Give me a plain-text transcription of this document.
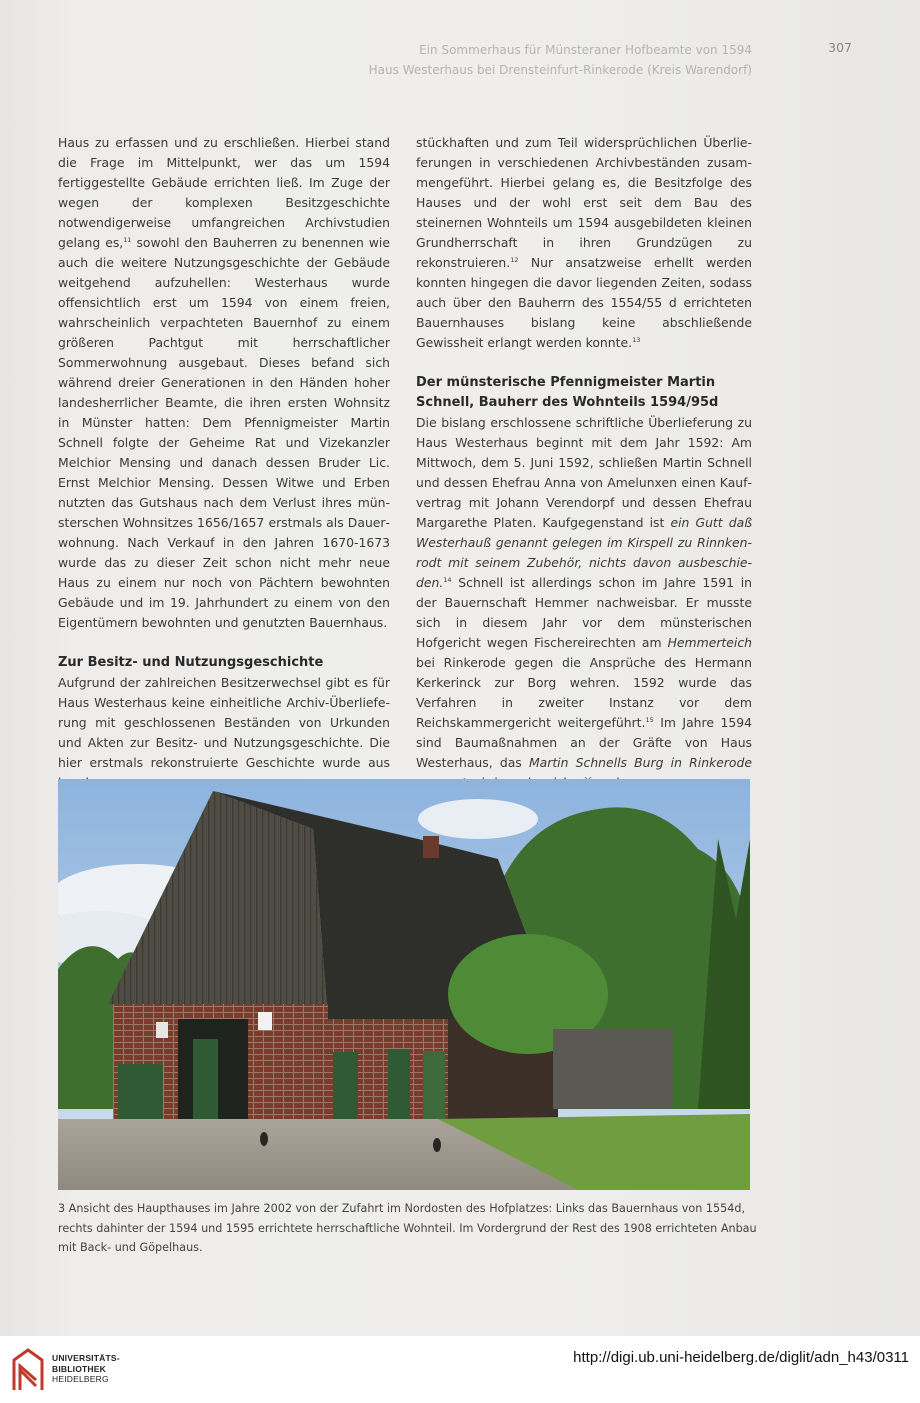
Ein Sommerhaus für Münsteraner Hofbeamte von 1594
Haus Westerhaus bei Drensteinfurt-Rinkerode (Kreis Warendorf)
307

Haus zu erfassen und zu erschließen. Hierbei stand die Frage im Mittelpunkt, wer das um 1594 fertiggestellte Gebäude errichten ließ. Im Zuge der wegen der komplexen Besitzgeschichte notwendigerweise umfangreichen Archivstudien gelang es,$^{11}$ sowohl den Bauherren zu benennen wie auch die weitere Nutzungsgeschichte der Gebäude weitgehend aufzuhellen: Westerhaus wurde offensichtlich erst um 1594 von einem freien, wahrscheinlich verpachteten Bauernhof zu einem größeren Pachtgut mit herrschaftlicher Sommerwohnung ausgebaut. Dieses befand sich während dreier Generationen in den Händen hoher landesherrlicher Beamte, die ihren ersten Wohnsitz in Münster hatten: Dem Pfennigmeister Martin Schnell folgte der Geheime Rat und Vizekanzler Melchior Mensing und danach dessen Bruder Lic. Ernst Melchior Mensing. Dessen Witwe und Erben nutzten das Gutshaus nach dem Verlust ihres münsterschen Wohnsitzes 1656/1657 erstmals als Dauerwohnung. Nach Verkauf in den Jahren 1670-1673 wurde das zu dieser Zeit schon nicht mehr neue Haus zu einem nur noch von Pächtern bewohnten Gebäude und im 19. Jahrhundert zu einem von den Eigentümern bewohnten und genutzten Bauernhaus.

Zur Besitz- und Nutzungsgeschichte

Aufgrund der zahlreichen Besitzerwechsel gibt es für Haus Westerhaus keine einheitliche Archiv-Überlieferung mit geschlossenen Beständen von Urkunden und Akten zur Besitz- und Nutzungsgeschichte. Die hier erstmals rekonstruierte Geschichte wurde aus

stückhaften und zum Teil widersprüchlichen Überlieferungen in verschiedenen Archivbeständen zusammengeführt. Hierbei gelang es, die Besitzfolge des Hauses und der wohl erst seit dem Bau des steinernen Wohnteils um 1594 ausgebildeten kleinen Grundherrschaft in ihren Grundzügen zu rekonstruieren.$^{12}$ Nur ansatzweise erhellt werden konnten hingegen die davor liegenden Zeiten, sodass auch über den Bauherrn des 1554/55 d errichteten Bauernhauses bislang keine abschließende Gewissheit erlangt werden konnte.$^{13}$

Der münsterische Pfennigmeister Martin Schnell, Bauherr des Wohnteils 1594/95d

Die bislang erschlossene schriftliche Überlieferung zu Haus Westerhaus beginnt mit dem Jahr 1592: Am Mittwoch, dem 5. Juni 1592, schließen Martin Schnell und dessen Ehefrau Anna von Amelunxen einen Kaufvertrag mit Johann Verendorpf und dessen Ehefrau Margarethe Platen. Kaufgegenstand ist ein Gutt daß Westerhauß genannt gelegen im Kirspell zu Rinnkenrodt mit seinem Zubehör, nichts davon ausbeschieden.$^{14}$ Schnell ist allerdings schon im Jahre 1591 in der Bauernschaft Hemmer nachweisbar. Er musste sich in diesem Jahr vor dem münsterischen Hofgericht wegen Fischereirechten am Hemmerteich bei Rinkerode gegen die Ansprüche des Hermann Kerkerinck zur Borg wehren. 1592 wurde das Verfahren in zweiter Instanz vor dem Reichskammergericht weitergeführt.$^{15}$ Im Jahre 1594 sind Baumaßnahmen an der Gräfte von Haus Westerhaus, das Martin Schnells Burg in Rinkerode

3 Ansicht des Haupthauses im Jahre 2002 von der Zufahrt im Nordosten des Hofplatzes: Links das Bauernhaus von 1554d, rechts dahinter der 1594 und 1595 errichtete herrschaftliche Wohnteil. Im Vordergrund der Rest des 1908 errichteten Anbau mit Back- und Göpelhaus.
UNIVERSITÄTS-
BIBLIOTHEK
HEIDELBERG
http://digi.ub.uni-heidelberg.de/diglit/adn_h43/0311
